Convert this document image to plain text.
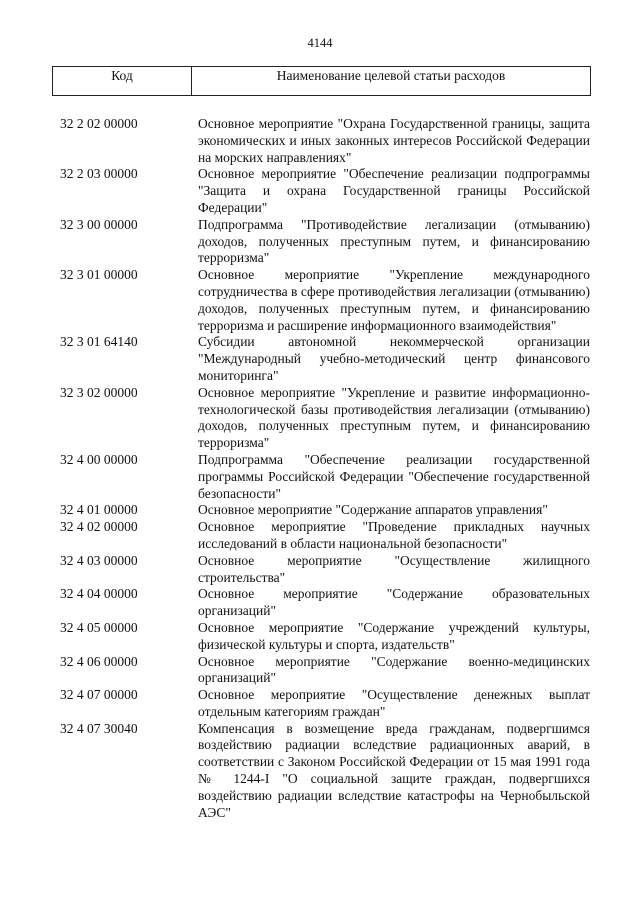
4144
Код	Наименование целевой статьи расходов
32 2 02 00000	Основное мероприятие "Охрана Государственной границы, защита экономических и иных законных интересов Российской Федерации на морских направлениях"
32 2 03 00000	Основное мероприятие "Обеспечение реализации подпрограммы "Защита и охрана Государственной границы Российской Федерации"
32 3 00 00000	Подпрограмма "Противодействие легализации (отмыванию) доходов, полученных преступным путем, и финансированию терроризма"
32 3 01 00000	Основное мероприятие "Укрепление международного сотрудничества в сфере противодействия легализации (отмыванию) доходов, полученных преступным путем, и финансированию терроризма и расширение информационного взаимодействия"
32 3 01 64140	Субсидии автономной некоммерческой организации "Международный учебно-методический центр финансового мониторинга"
32 3 02 00000	Основное мероприятие "Укрепление и развитие информационно-технологической базы противодействия легализации (отмыванию) доходов, полученных преступным путем, и финансированию терроризма"
32 4 00 00000	Подпрограмма "Обеспечение реализации государственной программы Российской Федерации "Обеспечение государственной безопасности"
32 4 01 00000	Основное мероприятие "Содержание аппаратов управления"
32 4 02 00000	Основное мероприятие "Проведение прикладных научных исследований в области национальной безопасности"
32 4 03 00000	Основное мероприятие "Осуществление жилищного строительства"
32 4 04 00000	Основное мероприятие "Содержание образовательных организаций"
32 4 05 00000	Основное мероприятие "Содержание учреждений культуры, физической культуры и спорта, издательств"
32 4 06 00000	Основное мероприятие "Содержание военно-медицинских организаций"
32 4 07 00000	Основное мероприятие "Осуществление денежных выплат отдельным категориям граждан"
32 4 07 30040	Компенсация в возмещение вреда гражданам, подвергшимся воздействию радиации вследствие радиационных аварий, в соответствии с Законом Российской Федерации от 15 мая 1991 года № 1244-I "О социальной защите граждан, подвергшихся воздействию радиации вследствие катастрофы на Чернобыльской АЭС"
